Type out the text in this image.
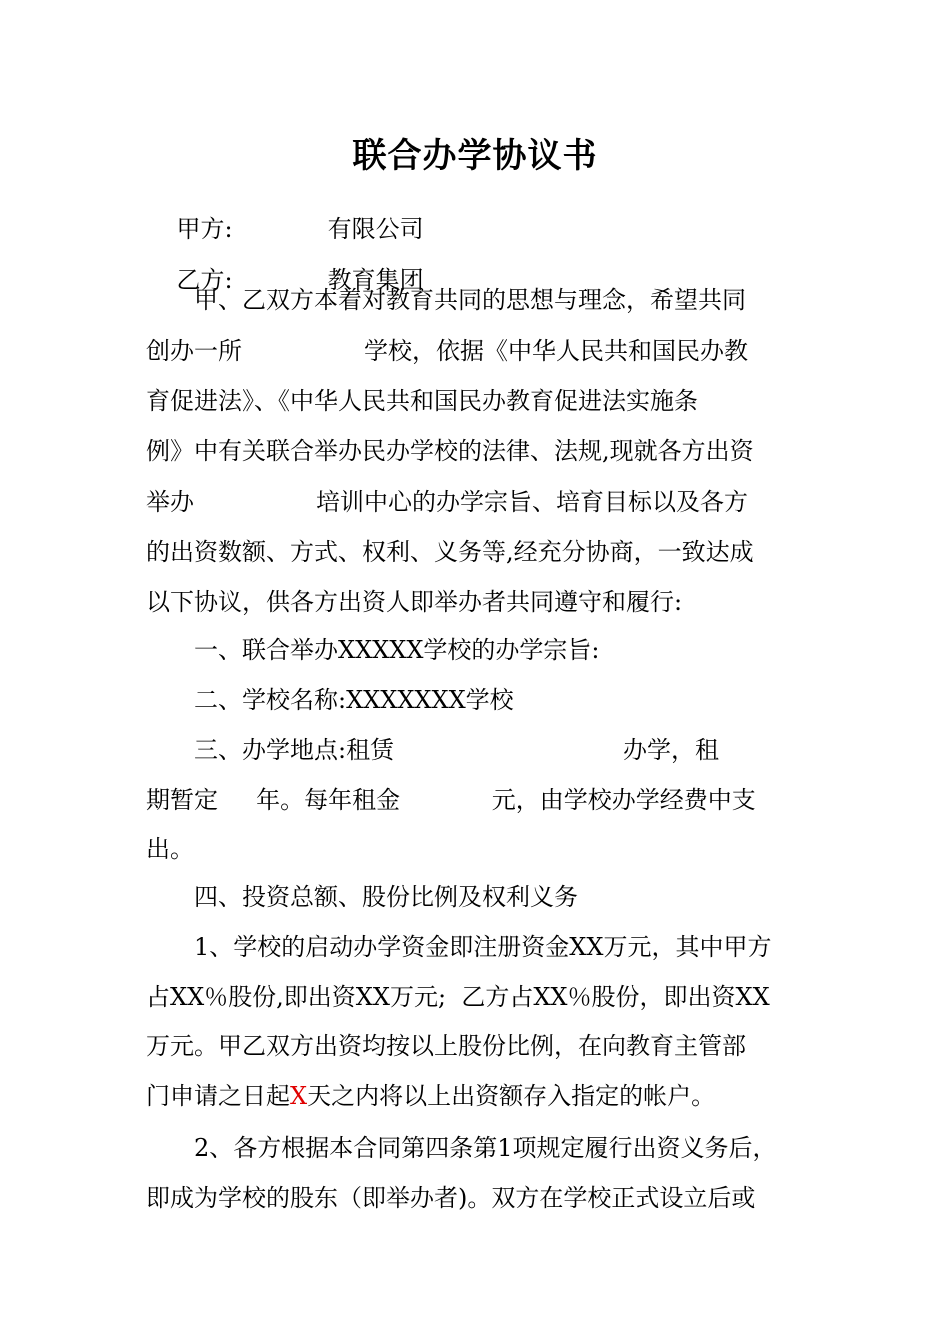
联合办学协议书

甲方:	有限公司

乙方:	教育集团

甲、乙双方本着对教育共同的思想与理念，希望共同
创办一所                学校，依据《中华人民共和国民办教
育促进法》、《中华人民共和国民办教育促进法实施条
例》中有关联合举办民办学校的法律、法规,现就各方出资
举办                培训中心的办学宗旨、培育目标以及各方
的出资数额、方式、权利、义务等,经充分协商，一致达成
以下协议，供各方出资人即举办者共同遵守和履行:
一、联合举办XXXXX学校的办学宗旨:
二、学校名称:XXXXXXX学校
三、办学地点:租赁                              办学，租
期暂定     年。每年租金            元，由学校办学经费中支
出。
四、投资总额、股份比例及权利义务
1、学校的启动办学资金即注册资金XX万元，其中甲方
占XX％股份,即出资XX万元;  乙方占XX％股份，即出资XX
万元。甲乙双方出资均按以上股份比例，在向教育主管部
门申请之日起X天之内将以上出资额存入指定的帐户。
2、各方根据本合同第四条第1项规定履行出资义务后，
即成为学校的股东（即举办者)。双方在学校正式设立后或
